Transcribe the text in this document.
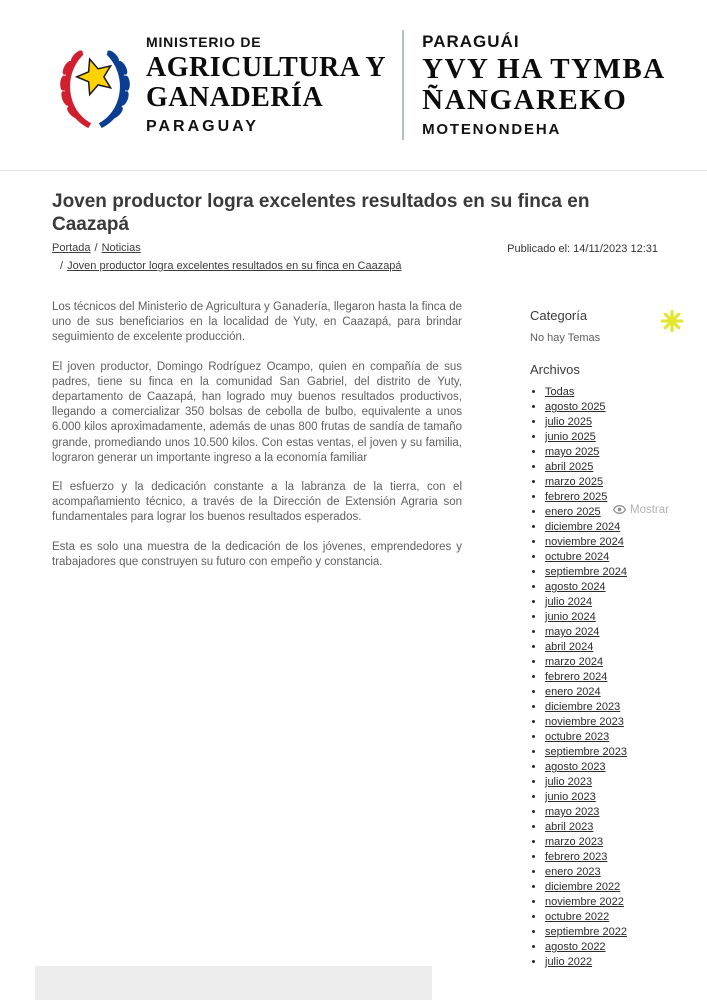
MINISTERIO DE
AGRICULTURA Y
GANADERÍA
PARAGUAY
PARAGUÁI
YVY HA TYMBA
ÑANGAREKO
MOTENONDEHA
Joven productor logra excelentes resultados en su finca en Caazapá
Portada / Noticias
/ Joven productor logra excelentes resultados en su finca en Caazapá
Publicado el: 14/11/2023 12:31

Los técnicos del Ministerio de Agricultura y Ganadería, llegaron hasta la finca de uno de sus beneficiarios en la localidad de Yuty, en Caazapá, para brindar seguimiento de excelente producción.

El joven productor, Domingo Rodríguez Ocampo, quien en compañía de sus padres, tiene su finca en la comunidad San Gabriel, del distrito de Yuty, departamento de Caazapá, han logrado muy buenos resultados productivos, llegando a comercializar 350 bolsas de cebolla de bulbo, equivalente a unos 6.000 kilos aproximadamente, además de unas 800 frutas de sandía de tamaño grande, promediando unos 10.500 kilos. Con estas ventas, el joven y su familia, lograron generar un importante ingreso a la economía familiar

El esfuerzo y la dedicación constante a la labranza de la tierra, con el acompañamiento técnico, a través de la Dirección de Extensión Agraria son fundamentales para lograr los buenos resultados esperados.

Esta es solo una muestra de la dedicación de los jóvenes, emprendedores y trabajadores que construyen su futuro con empeño y constancia.

Categoría
No hay Temas
Archivos
• Todas
• agosto 2025
• julio 2025
• junio 2025
• mayo 2025
• abril 2025
• marzo 2025
• febrero 2025
• enero 2025
• diciembre 2024
• noviembre 2024
• octubre 2024
• septiembre 2024
• agosto 2024
• julio 2024
• junio 2024
• mayo 2024
• abril 2024
• marzo 2024
• febrero 2024
• enero 2024
• diciembre 2023
• noviembre 2023
• octubre 2023
• septiembre 2023
• agosto 2023
• julio 2023
• junio 2023
• mayo 2023
• abril 2023
• marzo 2023
• febrero 2023
• enero 2023
• diciembre 2022
• noviembre 2022
• octubre 2022
• septiembre 2022
• agosto 2022
• julio 2022
Mostrar
